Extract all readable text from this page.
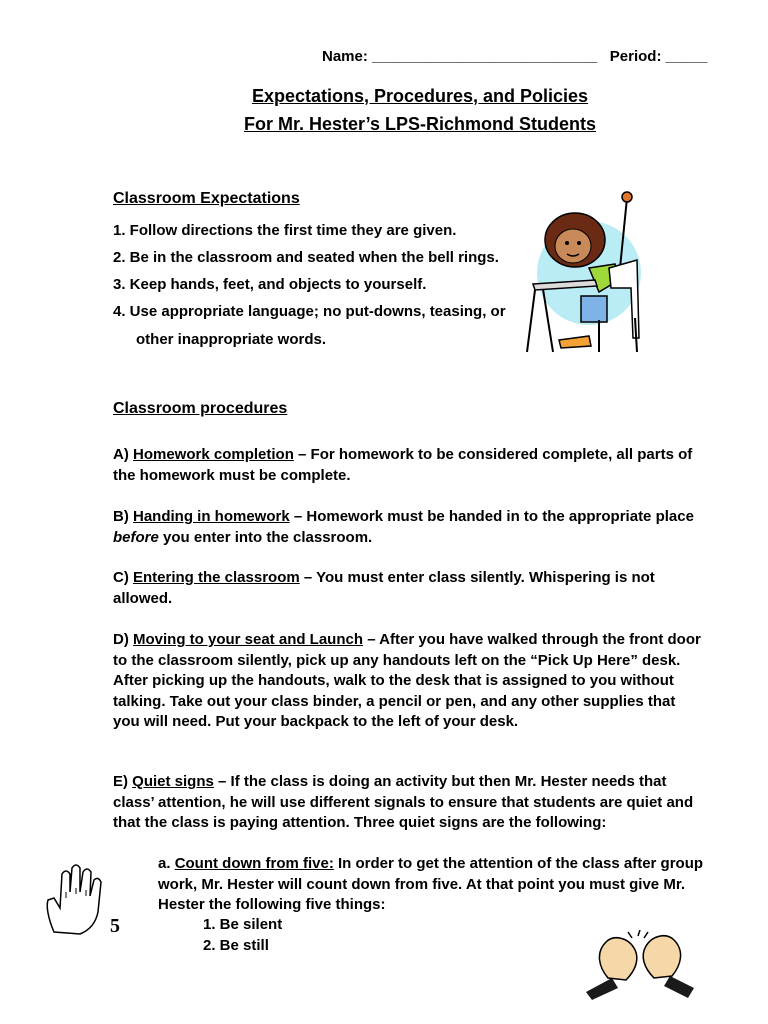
Name: ___________________________   Period: _____
Expectations, Procedures, and Policies
For Mr. Hester’s LPS-Richmond Students
Classroom Expectations
1. Follow directions the first time they are given.
2. Be in the classroom and seated when the bell rings.
3. Keep hands, feet, and objects to yourself.
4. Use appropriate language; no put-downs, teasing, or
other inappropriate words.
Classroom procedures
A) Homework completion – For homework to be considered complete, all parts of the homework must be complete.
B) Handing in homework – Homework must be handed in to the appropriate place before you enter into the classroom.
C) Entering the classroom – You must enter class silently. Whispering is not allowed.
D) Moving to your seat and Launch – After you have walked through the front door to the classroom silently, pick up any handouts left on the “Pick Up Here” desk. After picking up the handouts, walk to the desk that is assigned to you without talking. Take out your class binder, a pencil or pen, and any other supplies that you will need. Put your backpack to the left of your desk.
E) Quiet signs – If the class is doing an activity but then Mr. Hester needs that class’ attention, he will use different signals to ensure that students are quiet and that the class is paying attention. Three quiet signs are the following:
a. Count down from five: In order to get the attention of the class after group work, Mr. Hester will count down from five. At that point you must give Mr. Hester the following five things:
1. Be silent
2. Be still
5
